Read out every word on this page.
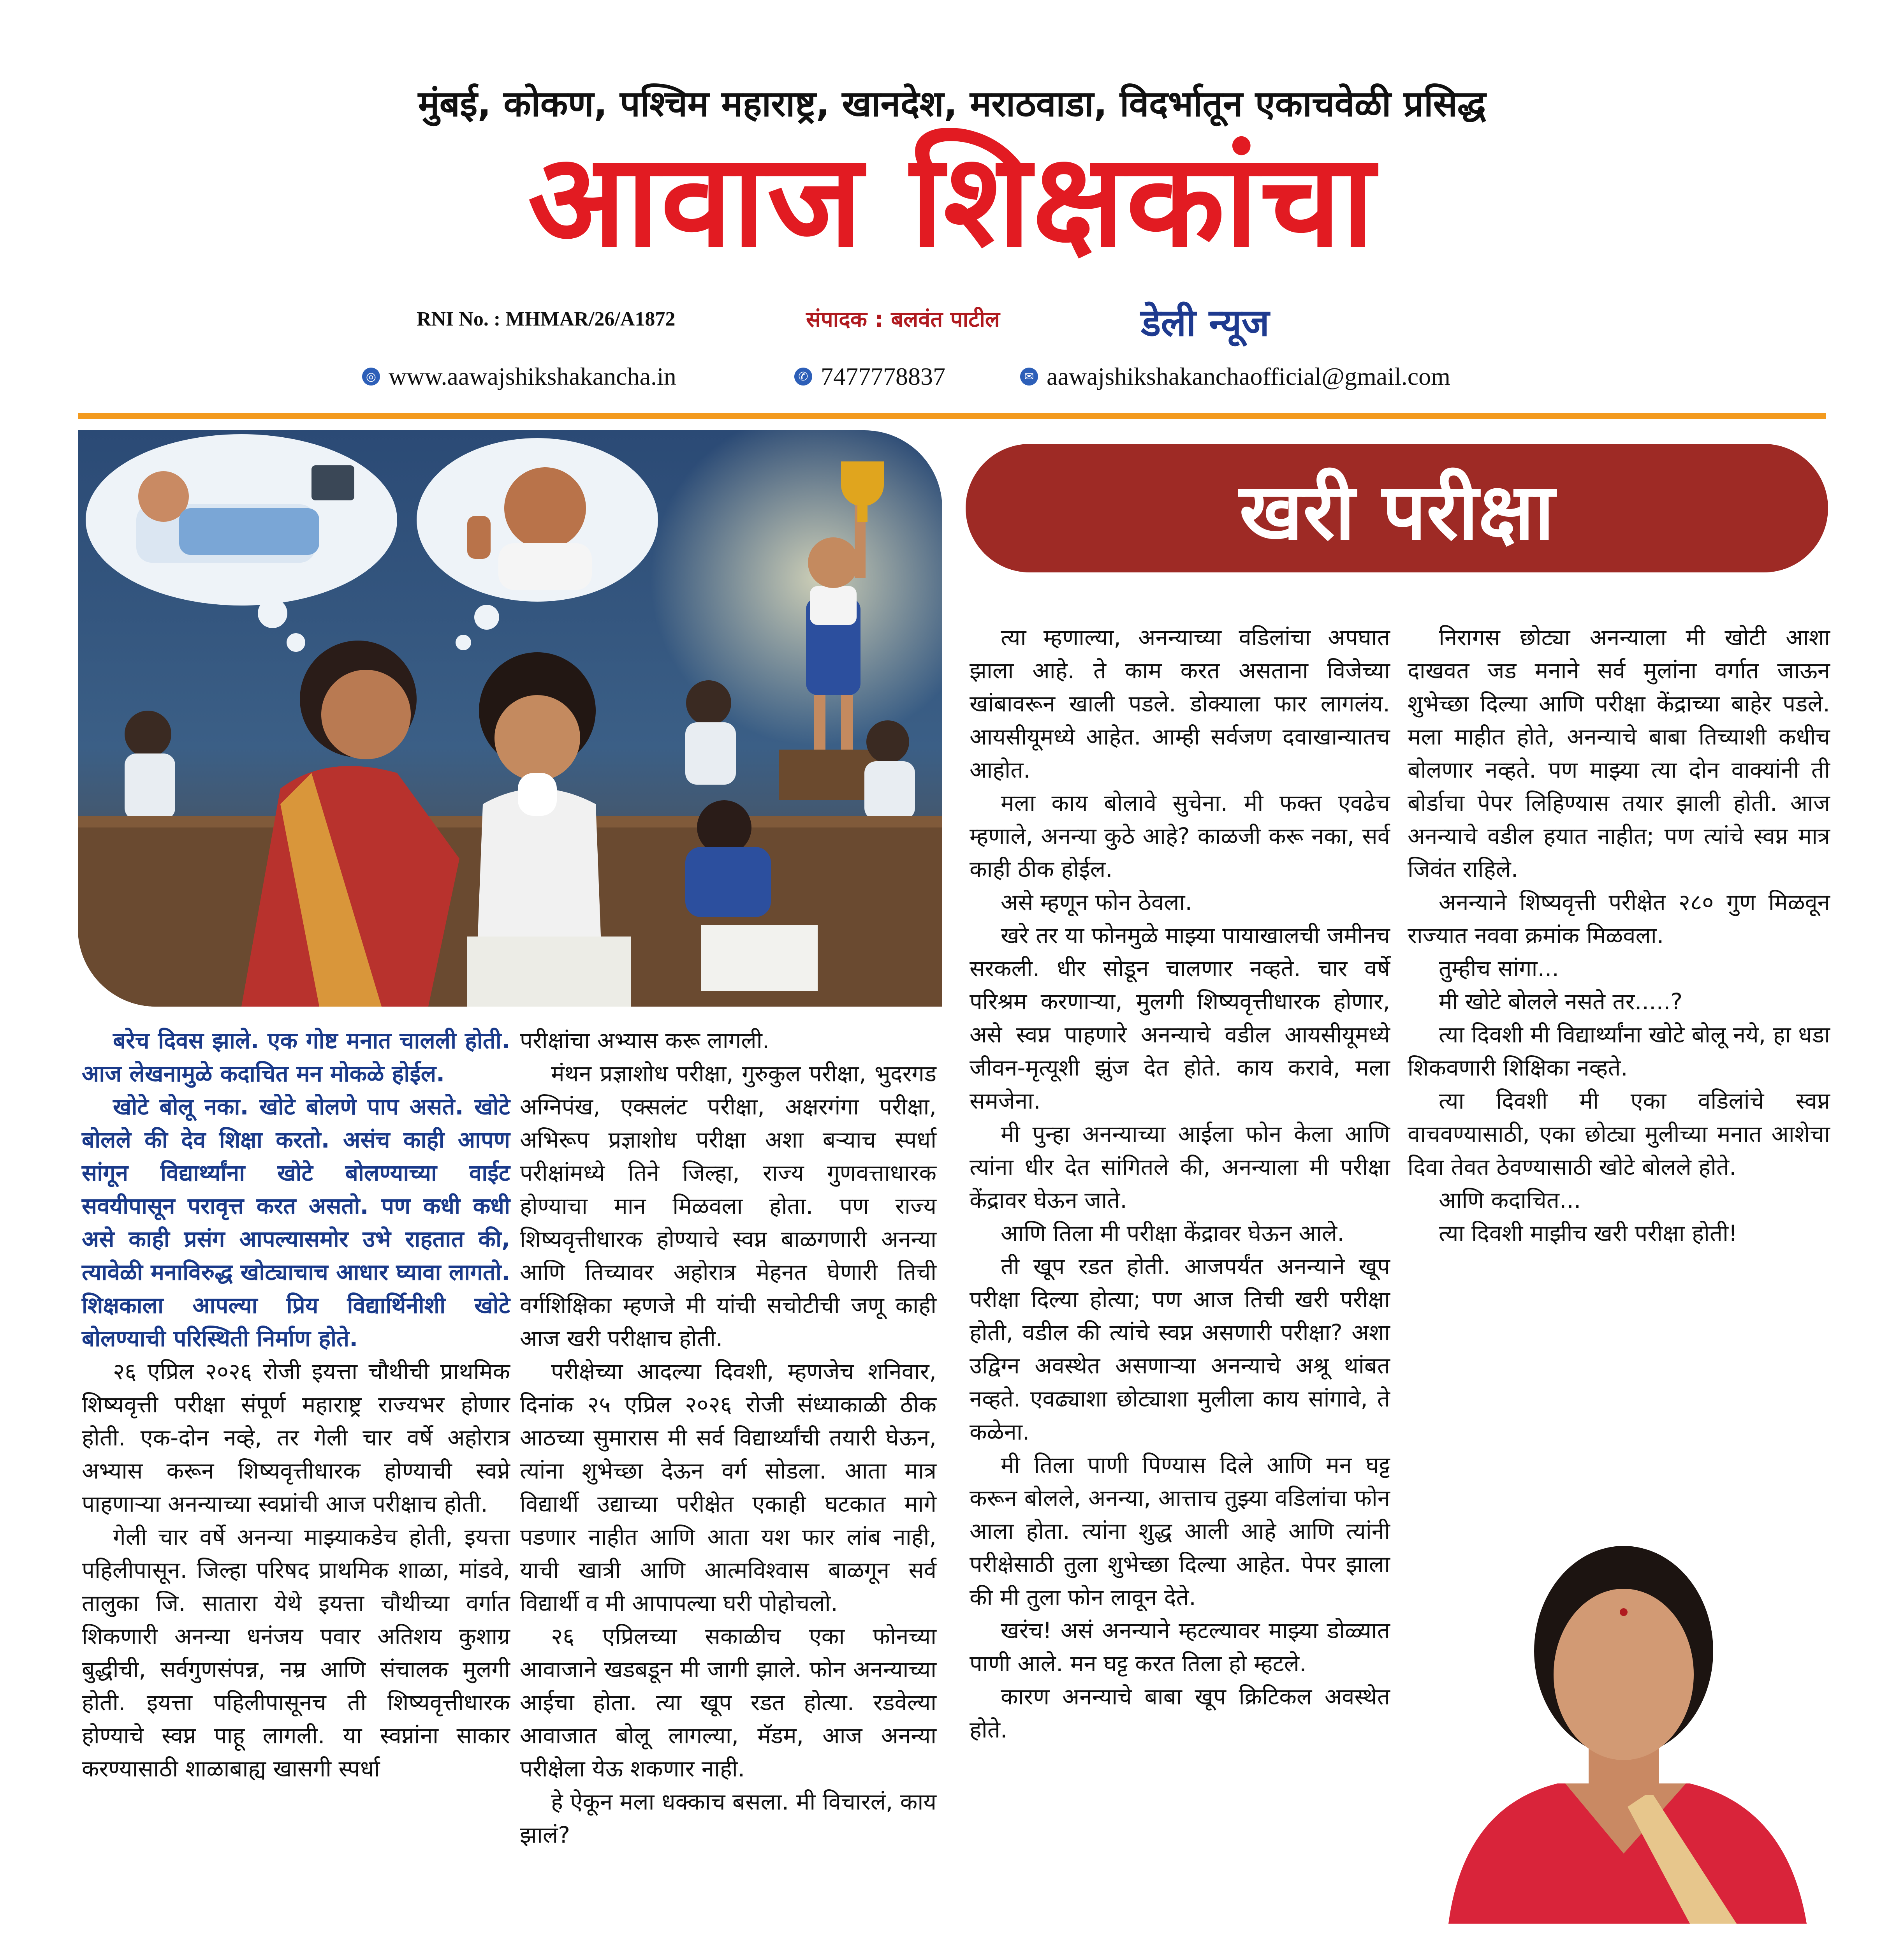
मुंबई, कोकण, पश्चिम महाराष्ट्र, खानदेश, मराठवाडा, विदर्भातून एकाचवेळी प्रसिद्ध
आवाज शिक्षकांचा
RNI No. : MHMAR/26/A1872	संपादक : बलवंत पाटील	डेली न्यूज
◎ www.aawajshikshakancha.in	✆ 7477778837	✉ aawajshikshakanchaofficial@gmail.com
खरी परीक्षा

बरेच दिवस झाले. एक गोष्ट मनात चालली होती. आज लेखनामुळे कदाचित मन मोकळे होईल.

खोटे बोलू नका. खोटे बोलणे पाप असते. खोटे बोलले की देव शिक्षा करतो. असंच काही आपण सांगून विद्यार्थ्यांना खोटे बोलण्याच्या वाईट सवयीपासून परावृत्त करत असतो. पण कधी कधी असे काही प्रसंग आपल्यासमोर उभे राहतात की, त्यावेळी मनाविरुद्ध खोट्याचाच आधार घ्यावा लागतो. शिक्षकाला आपल्या प्रिय विद्यार्थिनीशी खोटे बोलण्याची परिस्थिती निर्माण होते.

२६ एप्रिल २०२६ रोजी इयत्ता चौथीची प्राथमिक शिष्यवृत्ती परीक्षा संपूर्ण महाराष्ट्र राज्यभर होणार होती. एक-दोन नव्हे, तर गेली चार वर्षे अहोरात्र अभ्यास करून शिष्यवृत्तीधारक होण्याची स्वप्ने पाहणाऱ्या अनन्याच्या स्वप्नांची आज परीक्षाच होती.

गेली चार वर्षे अनन्या माझ्याकडेच होती, इयत्ता पहिलीपासून. जिल्हा परिषद प्राथमिक शाळा, मांडवे, तालुका जि. सातारा येथे इयत्ता चौथीच्या वर्गात शिकणारी अनन्या धनंजय पवार अतिशय कुशाग्र बुद्धीची, सर्वगुणसंपन्न, नम्र आणि संचालक मुलगी होती. इयत्ता पहिलीपासूनच ती शिष्यवृत्तीधारक होण्याचे स्वप्न पाहू लागली. या स्वप्नांना साकार करण्यासाठी शाळाबाह्य खासगी स्पर्धा

परीक्षांचा अभ्यास करू लागली.

मंथन प्रज्ञाशोध परीक्षा, गुरुकुल परीक्षा, भुदरगड अग्निपंख, एक्सलंट परीक्षा, अक्षरगंगा परीक्षा, अभिरूप प्रज्ञाशोध परीक्षा अशा बऱ्याच स्पर्धा परीक्षांमध्ये तिने जिल्हा, राज्य गुणवत्ताधारक होण्याचा मान मिळवला होता. पण राज्य शिष्यवृत्तीधारक होण्याचे स्वप्न बाळगणारी अनन्या आणि तिच्यावर अहोरात्र मेहनत घेणारी तिची वर्गशिक्षिका म्हणजे मी यांची सचोटीची जणू काही आज खरी परीक्षाच होती.

परीक्षेच्या आदल्या दिवशी, म्हणजेच शनिवार, दिनांक २५ एप्रिल २०२६ रोजी संध्याकाळी ठीक आठच्या सुमारास मी सर्व विद्यार्थ्यांची तयारी घेऊन, त्यांना शुभेच्छा देऊन वर्ग सोडला. आता मात्र विद्यार्थी उद्याच्या परीक्षेत एकाही घटकात मागे पडणार नाहीत आणि आता यश फार लांब नाही, याची खात्री आणि आत्मविश्वास बाळगून सर्व विद्यार्थी व मी आपापल्या घरी पोहोचलो.

२६ एप्रिलच्या सकाळीच एका फोनच्या आवाजाने खडबडून मी जागी झाले. फोन अनन्याच्या आईचा होता. त्या खूप रडत होत्या. रडवेल्या आवाजात बोलू लागल्या, मॅडम, आज अनन्या परीक्षेला येऊ शकणार नाही.

हे ऐकून मला धक्काच बसला. मी विचारलं, काय झालं?

त्या म्हणाल्या, अनन्याच्या वडिलांचा अपघात झाला आहे. ते काम करत असताना विजेच्या खांबावरून खाली पडले. डोक्याला फार लागलंय. आयसीयूमध्ये आहेत. आम्ही सर्वजण दवाखान्यातच आहोत.

मला काय बोलावे सुचेना. मी फक्त एवढेच म्हणाले, अनन्या कुठे आहे? काळजी करू नका, सर्व काही ठीक होईल.

असे म्हणून फोन ठेवला.

खरे तर या फोनमुळे माझ्या पायाखालची जमीनच सरकली. धीर सोडून चालणार नव्हते. चार वर्षे परिश्रम करणाऱ्या, मुलगी शिष्यवृत्तीधारक होणार, असे स्वप्न पाहणारे अनन्याचे वडील आयसीयूमध्ये जीवन-मृत्यूशी झुंज देत होते. काय करावे, मला समजेना.

मी पुन्हा अनन्याच्या आईला फोन केला आणि त्यांना धीर देत सांगितले की, अनन्याला मी परीक्षा केंद्रावर घेऊन जाते.

आणि तिला मी परीक्षा केंद्रावर घेऊन आले.

ती खूप रडत होती. आजपर्यंत अनन्याने खूप परीक्षा दिल्या होत्या; पण आज तिची खरी परीक्षा होती, वडील की त्यांचे स्वप्न असणारी परीक्षा? अशा उद्विग्न अवस्थेत असणाऱ्या अनन्याचे अश्रू थांबत नव्हते. एवढ्याशा छोट्याशा मुलीला काय सांगावे, ते कळेना.

मी तिला पाणी पिण्यास दिले आणि मन घट्ट करून बोलले, अनन्या, आत्ताच तुझ्या वडिलांचा फोन आला होता. त्यांना शुद्ध आली आहे आणि त्यांनी परीक्षेसाठी तुला शुभेच्छा दिल्या आहेत. पेपर झाला की मी तुला फोन लावून देते.

खरंच! असं अनन्याने म्हटल्यावर माझ्या डोळ्यात पाणी आले. मन घट्ट करत तिला हो म्हटले.

कारण अनन्याचे बाबा खूप क्रिटिकल अवस्थेत होते.

निरागस छोट्या अनन्याला मी खोटी आशा दाखवत जड मनाने सर्व मुलांना वर्गात जाऊन शुभेच्छा दिल्या आणि परीक्षा केंद्राच्या बाहेर पडले. मला माहीत होते, अनन्याचे बाबा तिच्याशी कधीच बोलणार नव्हते. पण माझ्या त्या दोन वाक्यांनी ती बोर्डाचा पेपर लिहिण्यास तयार झाली होती. आज अनन्याचे वडील हयात नाहीत; पण त्यांचे स्वप्न मात्र जिवंत राहिले.

अनन्याने शिष्यवृत्ती परीक्षेत २८० गुण मिळवून राज्यात नववा क्रमांक मिळवला.

तुम्हीच सांगा...

मी खोटे बोलले नसते तर.....?

त्या दिवशी मी विद्यार्थ्यांना खोटे बोलू नये, हा धडा शिकवणारी शिक्षिका नव्हते.

त्या दिवशी मी एका वडिलांचे स्वप्न वाचवण्यासाठी, एका छोट्या मुलीच्या मनात आशेचा दिवा तेवत ठेवण्यासाठी खोटे बोलले होते.

आणि कदाचित...

त्या दिवशी माझीच खरी परीक्षा होती!
